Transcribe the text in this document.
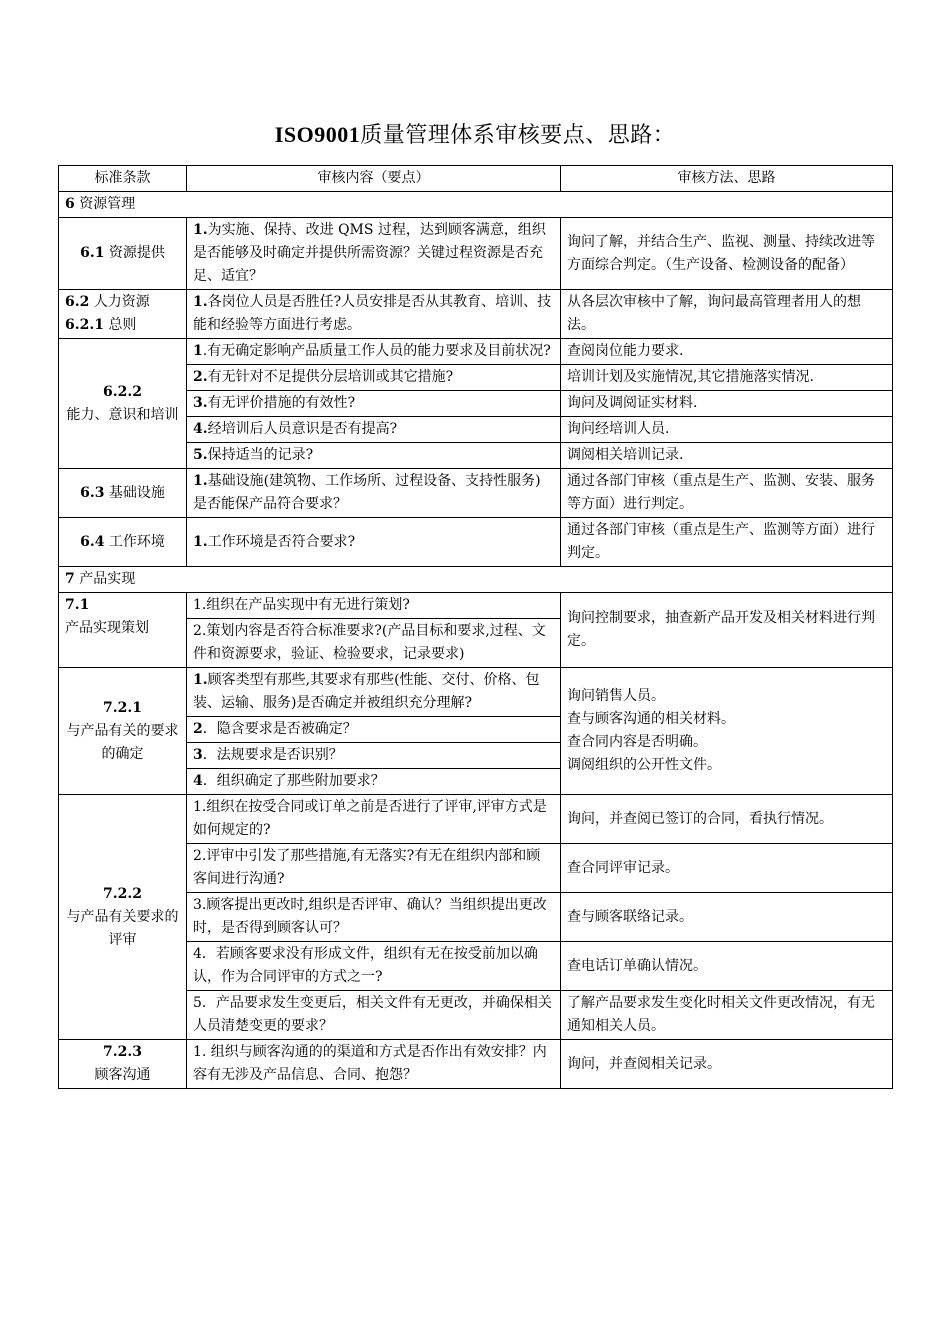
ISO9001质量管理体系审核要点、思路：
标准条款	审核内容（要点）	审核方法、思路
6 资源管理		
6.1 资源提供	1.为实施、保持、改进 QMS 过程，达到顾客满意，组织是否能够及时确定并提供所需资源？关键过程资源是否充足、适宜？	询问了解，并结合生产、监视、测量、持续改进等方面综合判定。（生产设备、检测设备的配备）
6.2 人力资源
6.2.1 总则	1.各岗位人员是否胜任?人员安排是否从其教育、培训、技能和经验等方面进行考虑。	从各层次审核中了解，询问最高管理者用人的想法。
6.2.2
能力、意识和培训	1.有无确定影响产品质量工作人员的能力要求及目前状况?	查阅岗位能力要求.
	2.有无针对不足提供分层培训或其它措施?	培训计划及实施情况,其它措施落实情况.
	3.有无评价措施的有效性?	询问及调阅证实材料.
	4.经培训后人员意识是否有提高?	询问经培训人员.
	5.保持适当的记录?	调阅相关培训记录.
6.3 基础设施	1.基础设施(建筑物、工作场所、过程设备、支持性服务)是否能保产品符合要求？	通过各部门审核（重点是生产、监测、安装、服务等方面）进行判定。
6.4 工作环境	1.工作环境是否符合要求?	通过各部门审核（重点是生产、监测等方面）进行判定。
7 产品实现		
7.1
产品实现策划	1.组织在产品实现中有无进行策划?	询问控制要求，抽查新产品开发及相关材料进行判定。
	2.策划内容是否符合标准要求?(产品目标和要求,过程、文件和资源要求，验证、检验要求，记录要求)	
7.2.1
与产品有关的要求的确定	1.顾客类型有那些,其要求有那些(性能、交付、价格、包装、运输、服务)是否确定并被组织充分理解?	询问销售人员。
查与顾客沟通的相关材料。
查合同内容是否明确。
调阅组织的公开性文件。
	2．隐含要求是否被确定？	
	3．法规要求是否识别？	
	4．组织确定了那些附加要求？	
7.2.2
与产品有关要求的评审	1.组织在按受合同或订单之前是否进行了评审,评审方式是如何规定的?	询问，并查阅已签订的合同，看执行情况。
	2.评审中引发了那些措施,有无落实?有无在组织内部和顾客间进行沟通?	查合同评审记录。
	3.顾客提出更改时,组织是否评审、确认？当组织提出更改时，是否得到顾客认可？	查与顾客联络记录。
	4．若顾客要求没有形成文件，组织有无在按受前加以确认，作为合同评审的方式之一?	查电话订单确认情况。
	5．产品要求发生变更后，相关文件有无更改，并确保相关人员清楚变更的要求？	了解产品要求发生变化时相关文件更改情况，有无通知相关人员。
7.2.3
顾客沟通	1. 组织与顾客沟通的的渠道和方式是否作出有效安排？内容有无涉及产品信息、合同、抱怨？	询问，并查阅相关记录。
